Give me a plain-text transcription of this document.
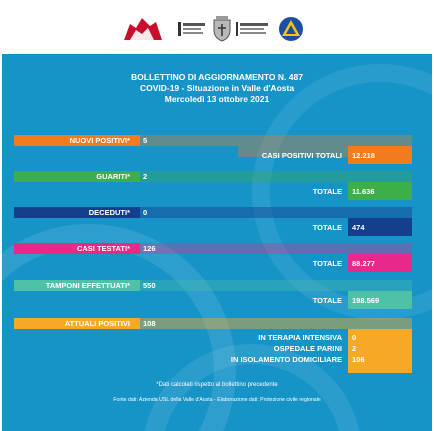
BOLLETTINO DI AGGIORNAMENTO N. 487
COVID-19 - Situazione in Valle d'Aosta
Mercoledì 13 ottobre 2021
NUOVI POSITIVI* 5
CASI POSITIVI TOTALI 12.218
GUARITI* 2
TOTALE 11.636
DECEDUTI* 0
TOTALE 474
CASI TESTATI* 126
TOTALE 88.277
TAMPONI EFFETTUATI* 550
TOTALE 198.569
ATTUALI POSITIVI 108
IN TERAPIA INTENSIVA 0
OSPEDALE PARINI 2
IN ISOLAMENTO DOMICILIARE 106
*Dati calcolati rispetto al bollettino precedente
Fonte dati: Azienda USL della Valle d'Aosta - Elaborazione dati: Protezione civile regionale
